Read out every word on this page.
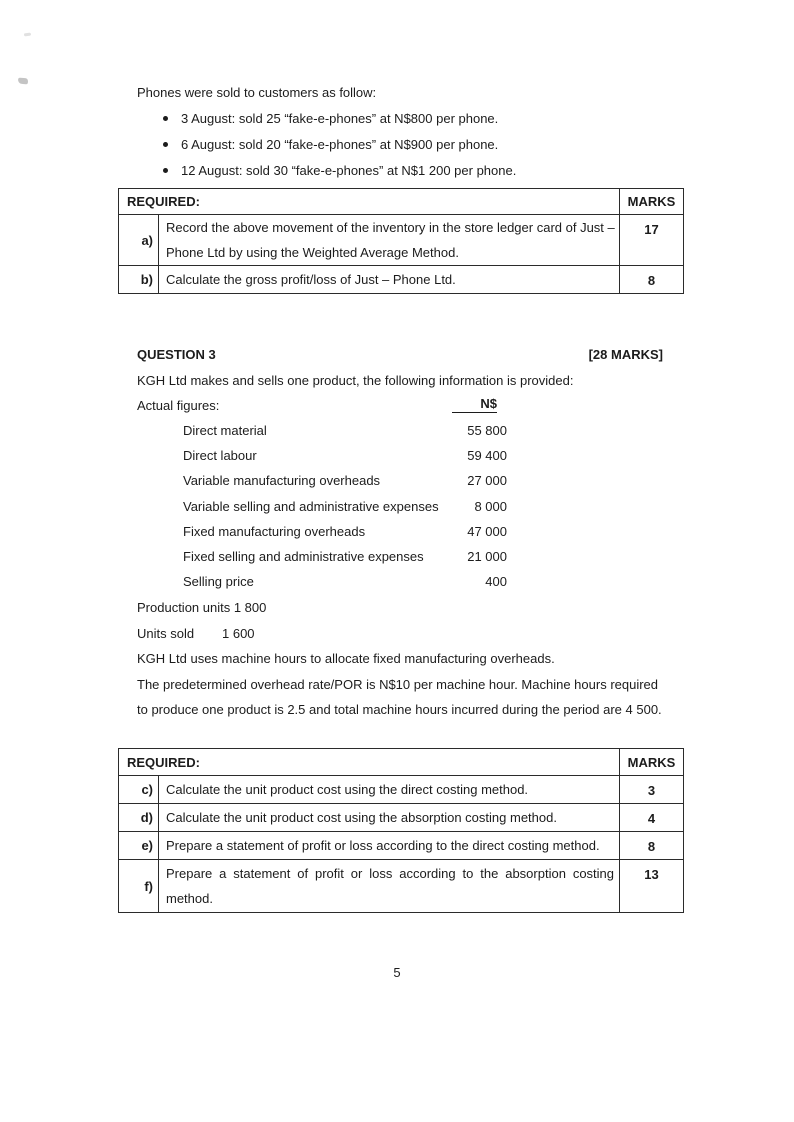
Phones were sold to customers as follow:
3 August: sold 25 “fake-e-phones” at N$800 per phone.
6 August: sold 20 “fake-e-phones” at N$900 per phone.
12 August: sold 30 “fake-e-phones” at N$1 200 per phone.
REQUIRED:		MARKS
a)	Record the above movement of the inventory in the store ledger card of Just –
Phone Ltd by using the Weighted Average Method.	17
b)	Calculate the gross profit/loss of Just – Phone Ltd.	8
QUESTION 3	[28 MARKS]
KGH Ltd makes and sells one product, the following information is provided:
Actual figures:	N$
Direct material	55 800
Direct labour	59 400
Variable manufacturing overheads	27 000
Variable selling and administrative expenses	8 000
Fixed manufacturing overheads	47 000
Fixed selling and administrative expenses	21 000
Selling price	400
Production units 1 800
Units sold 1 600
KGH Ltd uses machine hours to allocate fixed manufacturing overheads.
The predetermined overhead rate/POR is N$10 per machine hour. Machine hours required
to produce one product is 2.5 and total machine hours incurred during the period are 4 500.
REQUIRED:		MARKS
c)	Calculate the unit product cost using the direct costing method.	3
d)	Calculate the unit product cost using the absorption costing method.	4
e)	Prepare a statement of profit or loss according to the direct costing method.	8
f)	Prepare a statement of profit or loss according to the absorption costing
method.	13
5
